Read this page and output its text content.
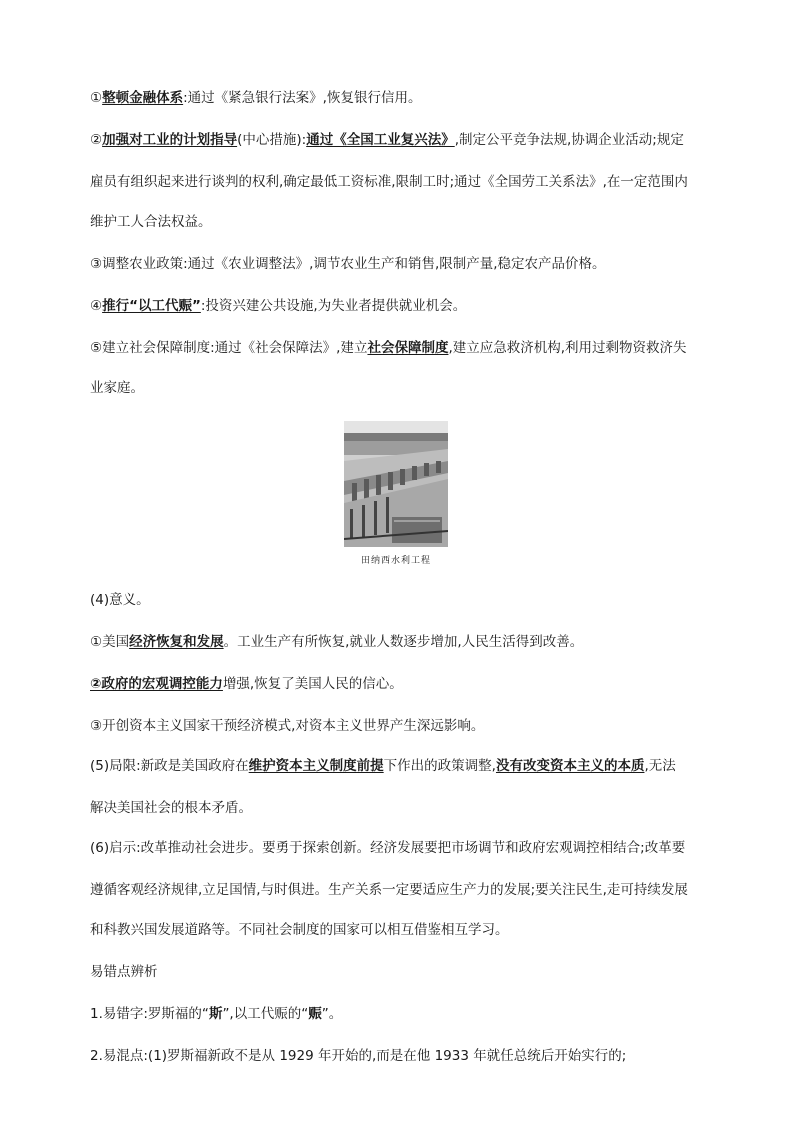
①整顿金融体系:通过《紧急银行法案》,恢复银行信用。
②加强对工业的计划指导(中心措施):通过《全国工业复兴法》,制定公平竞争法规,协调企业活动;规定
雇员有组织起来进行谈判的权利,确定最低工资标准,限制工时;通过《全国劳工关系法》,在一定范围内
维护工人合法权益。
③调整农业政策:通过《农业调整法》,调节农业生产和销售,限制产量,稳定农产品价格。
④推行“以工代赈”:投资兴建公共设施,为失业者提供就业机会。
⑤建立社会保障制度:通过《社会保障法》,建立社会保障制度,建立应急救济机构,利用过剩物资救济失
业家庭。
田纳西水利工程
(4)意义。
①美国经济恢复和发展。工业生产有所恢复,就业人数逐步增加,人民生活得到改善。
②政府的宏观调控能力增强,恢复了美国人民的信心。
③开创资本主义国家干预经济模式,对资本主义世界产生深远影响。
(5)局限:新政是美国政府在维护资本主义制度前提下作出的政策调整,没有改变资本主义的本质,无法
解决美国社会的根本矛盾。
(6)启示:改革推动社会进步。要勇于探索创新。经济发展要把市场调节和政府宏观调控相结合;改革要
遵循客观经济规律,立足国情,与时俱进。生产关系一定要适应生产力的发展;要关注民生,走可持续发展
和科教兴国发展道路等。不同社会制度的国家可以相互借鉴相互学习。
易错点辨析
1.易错字:罗斯福的“斯”,以工代赈的“赈”。
2.易混点:(1)罗斯福新政不是从 1929 年开始的,而是在他 1933 年就任总统后开始实行的;
